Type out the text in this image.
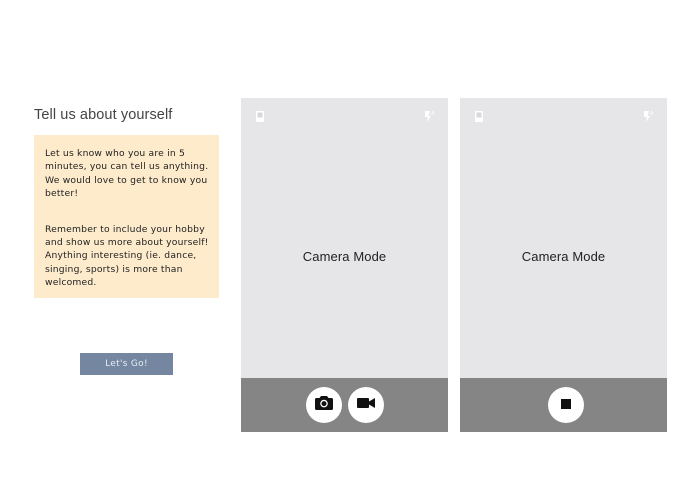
Tell us about yourself

Let us know who you are in 5 minutes, you can tell us anything. We would love to get to know you better!

Remember to include your hobby and show us more about yourself! Anything interesting (ie. dance, singing, sports) is more than welcomed.

Let's Go!
A
Camera Mode
A
Camera Mode
